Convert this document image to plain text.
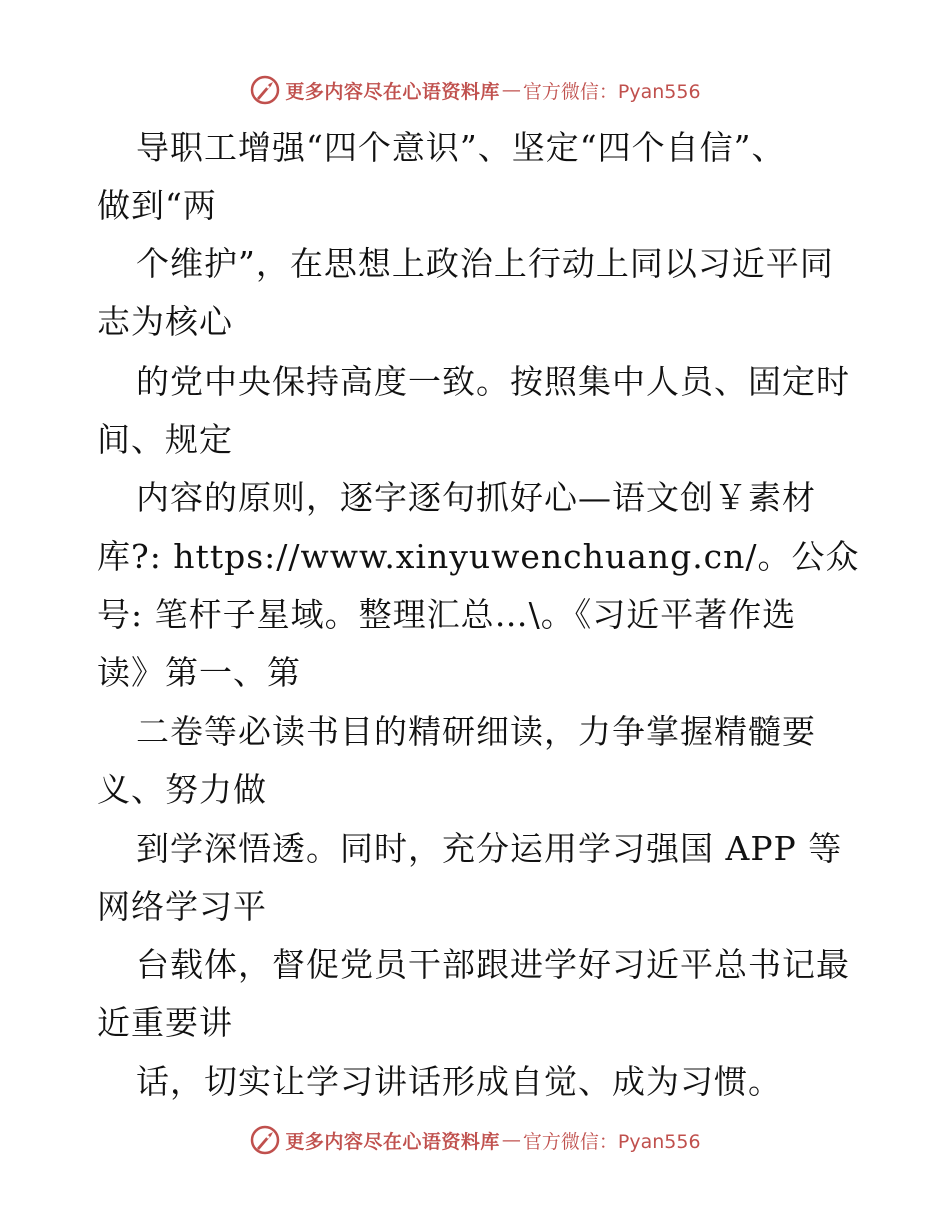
更多内容尽在心语资料库 — 官方微信：Pyan556
导职工增强“四个意识”、坚定“四个自信”、
做到“两
个维护”，在思想上政治上行动上同以习近平同
志为核心
的党中央保持高度一致。按照集中人员、固定时
间、规定
内容的原则，逐字逐句抓好心—语文创￥素材
库?: https://www.xinyuwenchuang.cn/。公众
号: 笔杆子星域。整理汇总…\。《习近平著作选
读》第一、第
二卷等必读书目的精研细读，力争掌握精髓要
义、努力做
到学深悟透。同时，充分运用学习强国 APP 等
网络学习平
台载体，督促党员干部跟进学好习近平总书记最
近重要讲
话，切实让学习讲话形成自觉、成为习惯。
更多内容尽在心语资料库 — 官方微信：Pyan556
